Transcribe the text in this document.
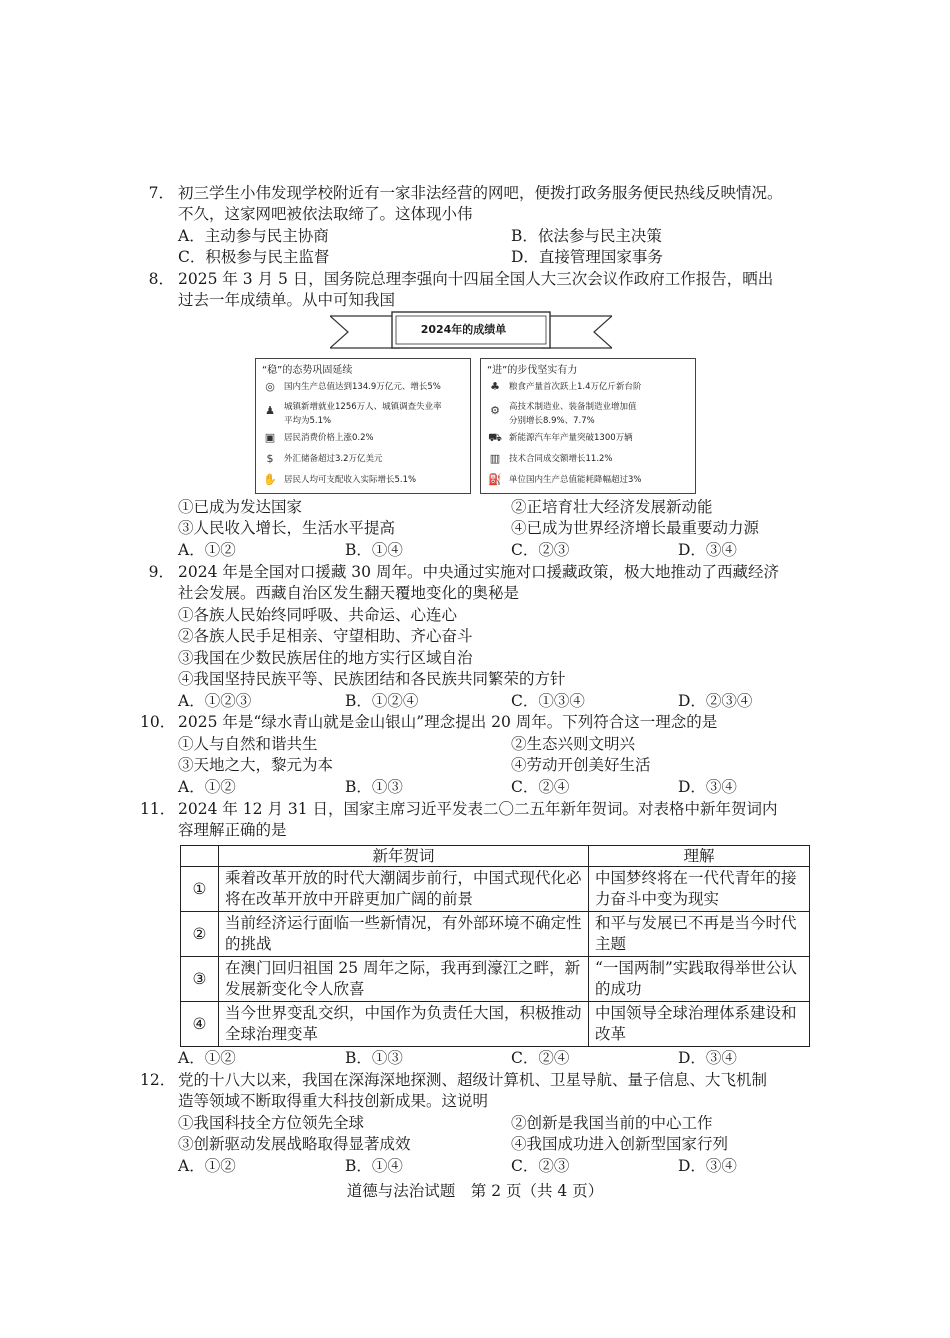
7． 初三学生小伟发现学校附近有一家非法经营的网吧，便拨打政务服务便民热线反映情况。
不久，这家网吧被依法取缔了。这体现小伟
A．主动参与民主协商	B．依法参与民主决策
C．积极参与民主监督	D．直接管理国家事务
8． 2025 年 3 月 5 日，国务院总理李强向十四届全国人大三次会议作政府工作报告，晒出
过去一年成绩单。从中可知我国
2024年的成绩单
“稳”的态势巩固延续
◎	国内生产总值达到134.9万亿元、增长5%
♟	城镇新增就业1256万人、城镇调查失业率
平均为5.1%
▣	居民消费价格上涨0.2%
$	外汇储备超过3.2万亿美元
✋ 居民人均可支配收入实际增长5.1%
“进”的步伐坚实有力
♣	粮食产量首次跃上1.4万亿斤新台阶
⚙	高技术制造业、装备制造业增加值
分别增长8.9%、7.7%
⛟ 新能源汽车年产量突破1300万辆
▥	技术合同成交额增长11.2%
⛽ 单位国内生产总值能耗降幅超过3%
①已成为发达国家	②正培育壮大经济发展新动能
③人民收入增长，生活水平提高	④已成为世界经济增长最重要动力源
A．①②	B．①④	C．②③	D．③④
9． 2024 年是全国对口援藏 30 周年。中央通过实施对口援藏政策，极大地推动了西藏经济
社会发展。西藏自治区发生翻天覆地变化的奥秘是
①各族人民始终同呼吸、共命运、心连心
②各族人民手足相亲、守望相助、齐心奋斗
③我国在少数民族居住的地方实行区域自治
④我国坚持民族平等、民族团结和各民族共同繁荣的方针
A．①②③	B．①②④	C．①③④	D．②③④
10． 2025 年是“绿水青山就是金山银山”理念提出 20 周年。下列符合这一理念的是
①人与自然和谐共生	②生态兴则文明兴
③天地之大，黎元为本	④劳动开创美好生活
A．①②	B．①③	C．②④	D．③④
11． 2024 年 12 月 31 日，国家主席习近平发表二〇二五年新年贺词。对表格中新年贺词内
容理解正确的是
	新年贺词	理解
①	乘着改革开放的时代大潮阔步前行，中国式现代化必将在改革开放中开辟更加广阔的前景	中国梦终将在一代代青年的接力奋斗中变为现实

②	当前经济运行面临一些新情况，有外部环境不确定性的挑战	和平与发展已不再是当今时代主题

③	在澳门回归祖国 25 周年之际，我再到濠江之畔，新发展新变化令人欣喜	“一国两制”实践取得举世公认的成功

④	当今世界变乱交织，中国作为负责任大国，积极推动全球治理变革	中国领导全球治理体系建设和改革
A．①②	B．①③	C．②④	D．③④
12． 党的十八大以来，我国在深海深地探测、超级计算机、卫星导航、量子信息、大飞机制
造等领域不断取得重大科技创新成果。这说明
①我国科技全方位领先全球	②创新是我国当前的中心工作
③创新驱动发展战略取得显著成效	④我国成功进入创新型国家行列
A．①②	B．①④	C．②③	D．③④
道德与法治试题　第 2 页（共 4 页）
